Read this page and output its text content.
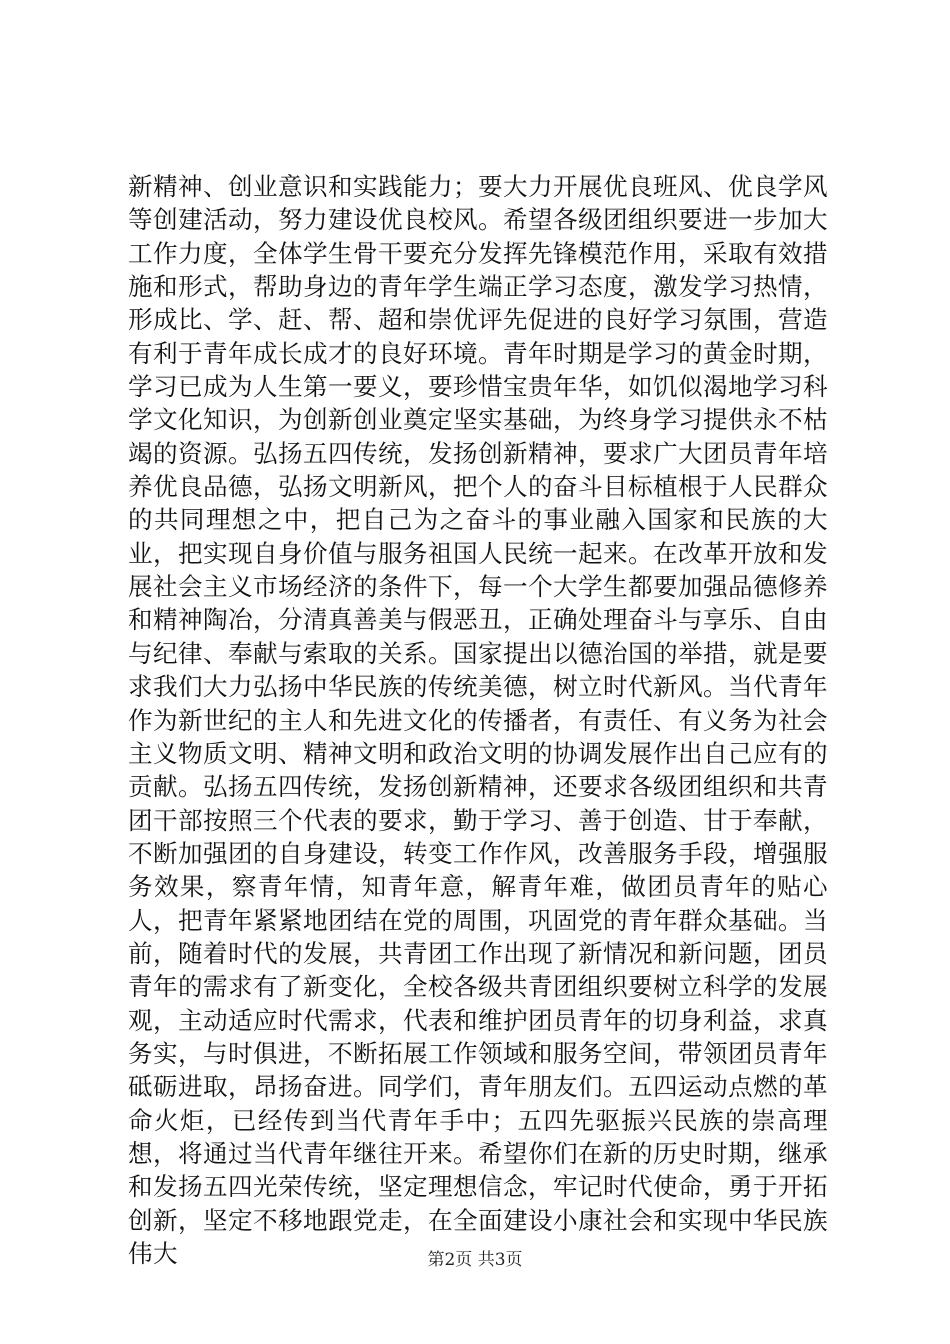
新精神、创业意识和实践能力；要大力开展优良班风、优良学风等创建活动，努力建设优良校风。希望各级团组织要进一步加大工作力度，全体学生骨干要充分发挥先锋模范作用，采取有效措施和形式，帮助身边的青年学生端正学习态度，激发学习热情，形成比、学、赶、帮、超和崇优评先促进的良好学习氛围，营造有利于青年成长成才的良好环境。青年时期是学习的黄金时期，学习已成为人生第一要义，要珍惜宝贵年华，如饥似渴地学习科学文化知识，为创新创业奠定坚实基础，为终身学习提供永不枯竭的资源。弘扬五四传统，发扬创新精神，要求广大团员青年培养优良品德，弘扬文明新风，把个人的奋斗目标植根于人民群众的共同理想之中，把自己为之奋斗的事业融入国家和民族的大业，把实现自身价值与服务祖国人民统一起来。在改革开放和发展社会主义市场经济的条件下，每一个大学生都要加强品德修养和精神陶冶，分清真善美与假恶丑，正确处理奋斗与享乐、自由与纪律、奉献与索取的关系。国家提出以德治国的举措，就是要求我们大力弘扬中华民族的传统美德，树立时代新风。当代青年作为新世纪的主人和先进文化的传播者，有责任、有义务为社会主义物质文明、精神文明和政治文明的协调发展作出自己应有的贡献。弘扬五四传统，发扬创新精神，还要求各级团组织和共青团干部按照三个代表的要求，勤于学习、善于创造、甘于奉献，不断加强团的自身建设，转变工作作风，改善服务手段，增强服务效果，察青年情，知青年意，解青年难，做团员青年的贴心人，把青年紧紧地团结在党的周围，巩固党的青年群众基础。当前，随着时代的发展，共青团工作出现了新情况和新问题，团员青年的需求有了新变化，全校各级共青团组织要树立科学的发展观，主动适应时代需求，代表和维护团员青年的切身利益，求真务实，与时俱进，不断拓展工作领域和服务空间，带领团员青年砥砺进取，昂扬奋进。同学们，青年朋友们。五四运动点燃的革命火炬，已经传到当代青年手中；五四先驱振兴民族的崇高理想，将通过当代青年继往开来。希望你们在新的历史时期，继承和发扬五四光荣传统，坚定理想信念，牢记时代使命，勇于开拓创新，坚定不移地跟党走，在全面建设小康社会和实现中华民族伟大	第2页 共3页
